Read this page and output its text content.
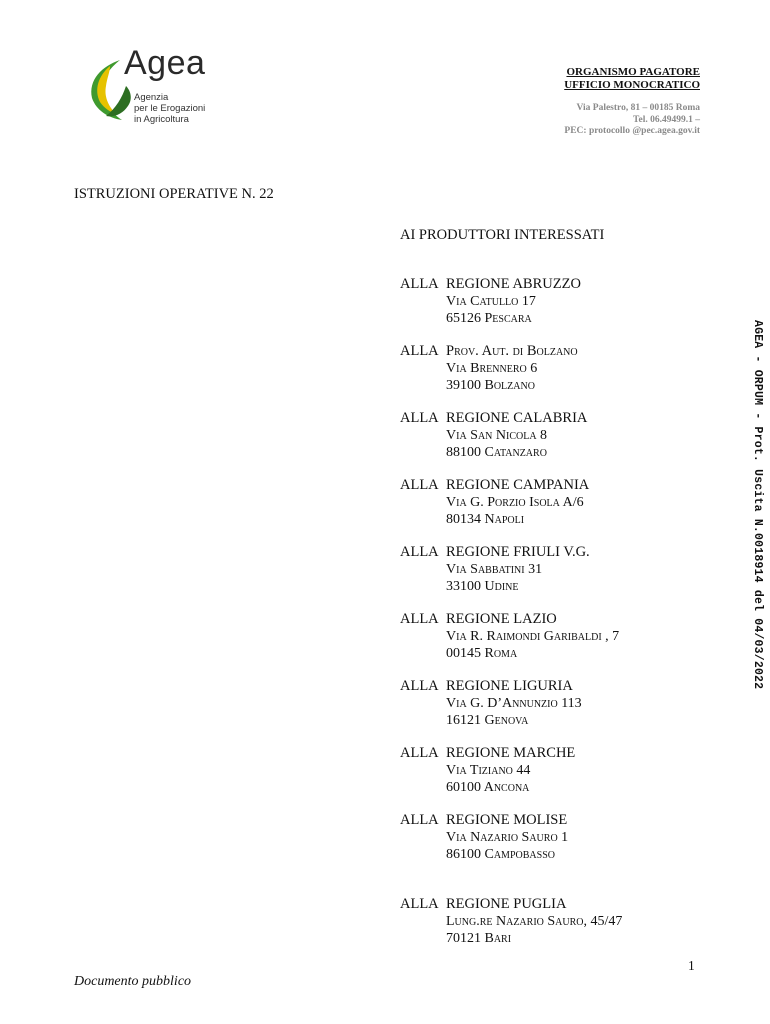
Agea
Agenzia
per le Erogazioni
in Agricoltura
ORGANISMO PAGATORE
UFFICIO MONOCRATICO
Via Palestro, 81 – 00185 Roma
Tel. 06.49499.1 –
PEC: protocollo @pec.agea.gov.it
ISTRUZIONI OPERATIVE N. 22
AI PRODUTTORI INTERESSATI
ALLA REGIONE ABRUZZO
Via Catullo 17
65126 Pescara
ALLA Prov. Aut. di Bolzano
Via Brennero 6
39100 Bolzano
ALLA REGIONE CALABRIA
Via San Nicola 8
88100 Catanzaro
ALLA REGIONE CAMPANIA
Via G. Porzio Isola A/6
80134 Napoli
ALLA REGIONE FRIULI V.G.
Via Sabbatini 31
33100 Udine
ALLA REGIONE LAZIO
Via R. Raimondi Garibaldi , 7
00145 Roma
ALLA REGIONE LIGURIA
Via G. D’Annunzio 113
16121 Genova
ALLA REGIONE MARCHE
Via Tiziano 44
60100 Ancona
ALLA REGIONE MOLISE
Via Nazario Sauro 1
86100 Campobasso
ALLA REGIONE PUGLIA
Lung.re Nazario Sauro, 45/47
70121 Bari
AGEA - ORPUM - Prot. Uscita N.0018914 del 04/03/2022
1
Documento pubblico
